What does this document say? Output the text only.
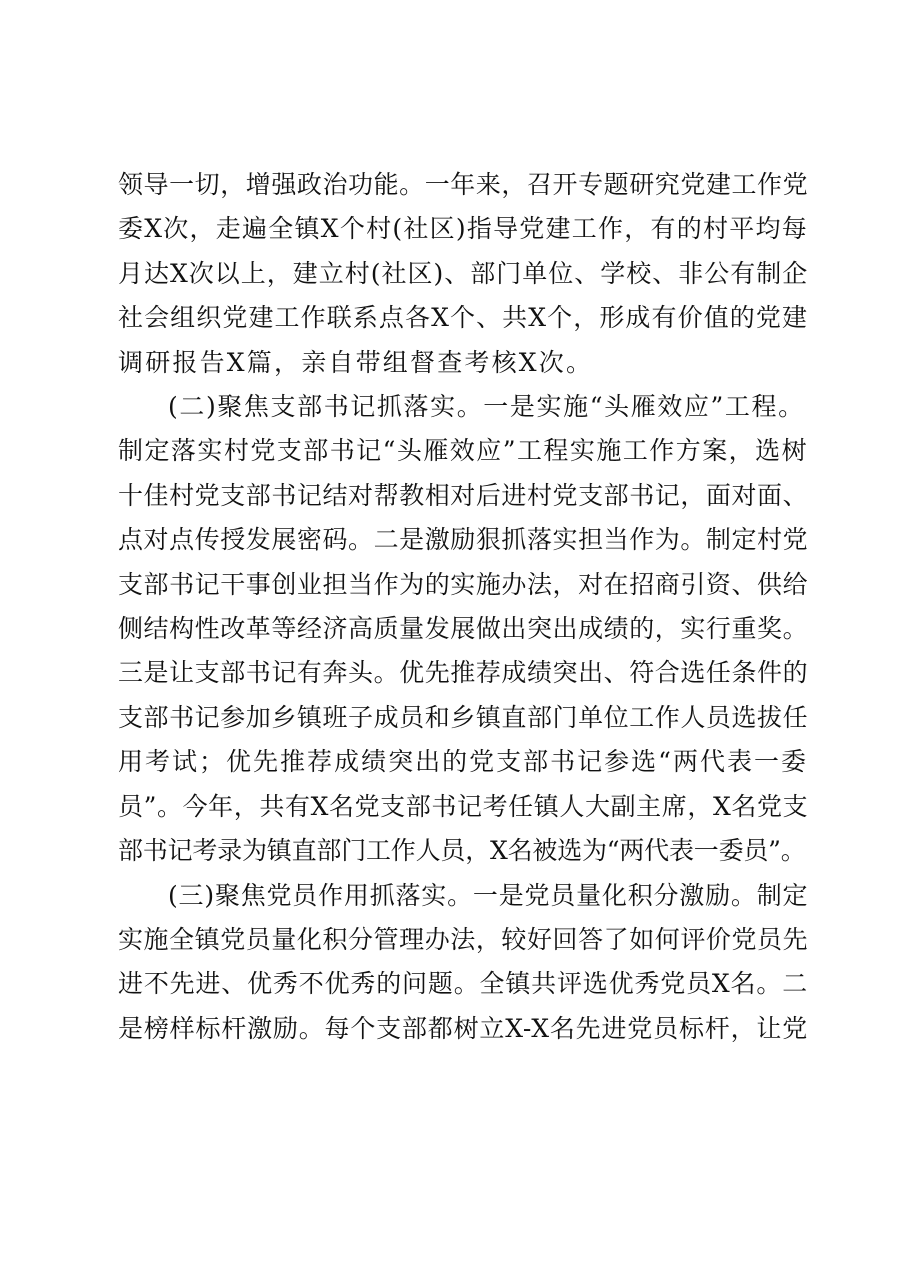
领导一切，增强政治功能。一年来，召开专题研究党建工作党
委X次，走遍全镇X个村(社区)指导党建工作，有的村平均每
月达X次以上，建立村(社区)、部门单位、学校、非公有制企
社会组织党建工作联系点各X个、共X个，形成有价值的党建
调研报告X篇，亲自带组督查考核X次。
(二)聚焦支部书记抓落实。一是实施“头雁效应”工程。
制定落实村党支部书记“头雁效应”工程实施工作方案，选树
十佳村党支部书记结对帮教相对后进村党支部书记，面对面、
点对点传授发展密码。二是激励狠抓落实担当作为。制定村党
支部书记干事创业担当作为的实施办法，对在招商引资、供给
侧结构性改革等经济高质量发展做出突出成绩的，实行重奖。
三是让支部书记有奔头。优先推荐成绩突出、符合选任条件的
支部书记参加乡镇班子成员和乡镇直部门单位工作人员选拔任
用考试；优先推荐成绩突出的党支部书记参选“两代表一委
员”。今年，共有X名党支部书记考任镇人大副主席，X名党支
部书记考录为镇直部门工作人员，X名被选为“两代表一委员”。
(三)聚焦党员作用抓落实。一是党员量化积分激励。制定
实施全镇党员量化积分管理办法，较好回答了如何评价党员先
进不先进、优秀不优秀的问题。全镇共评选优秀党员X名。二
是榜样标杆激励。每个支部都树立X-X名先进党员标杆，让党
